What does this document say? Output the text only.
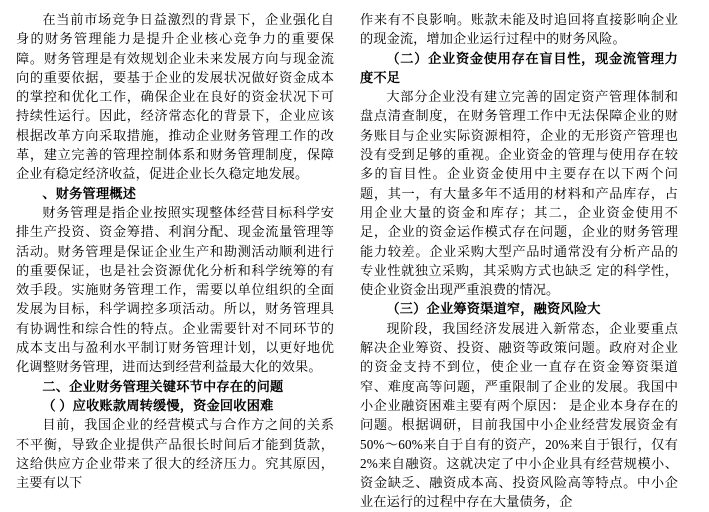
在当前市场竞争日益激烈的背景下，企业强化自身的财务管理能力是提升企业核心竞争力的重要保障。财务管理是有效规划企业未来发展方向与现金流向的重要依据，要基于企业的发展状况做好资金成本的掌控和优化工作，确保企业在良好的资金状况下可持续性运行。因此，经济常态化的背景下，企业应该根据改革方向采取措施，推动企业财务管理工作的改革，建立完善的管理控制体系和财务管理制度，保障企业有稳定经济收益，促进企业长久稳定地发展。

、财务管理概述

财务管理是指企业按照实现整体经营目标科学安排生产投资、资金筹措、利润分配、现金流量管理等活动。财务管理是保证企业生产和勘测活动顺利进行的重要保证，也是社会资源优化分析和科学统筹的有效手段。实施财务管理工作，需要以单位组织的全面发展为目标，科学调控多项活动。所以，财务管理具有协调性和综合性的特点。企业需要针对不同环节的成本支出与盈利水平制订财务管理计划，以更好地优化调整财务管理，进而达到经营利益最大化的效果。

二、企业财务管理关键环节中存在的问题

（ ）应收账款周转缓慢，资金回收困难

目前，我国企业的经营模式与合作方之间的关系不平衡，导致企业提供产品很长时间后才能到货款，这给供应方企业带来了很大的经济压力。究其原因，主要有以下

作来有不良影响。账款未能及时追回将直接影响企业的现金流，增加企业运行过程中的财务风险。

（二）企业资金使用存在盲目性，现金流管理力度不足

大部分企业没有建立完善的固定资产管理体制和盘点清查制度，在财务管理工作中无法保障企业的财务账目与企业实际资源相符，企业的无形资产管理也没有受到足够的重视。企业资金的管理与使用存在较多的盲目性。企业资金使用中主要存在以下两个问题，其一，有大量多年不适用的材料和产品库存，占用企业大量的资金和库存；其二，企业资金使用不足，企业的资金运作模式存在问题，企业的财务管理能力较差。企业采购大型产品时通常没有分析产品的专业性就独立采购，其采购方式也缺乏 定的科学性，使企业资金出现严重浪费的情况。

（三）企业筹资渠道窄，融资风险大

现阶段，我国经济发展进入新常态，企业要重点解决企业筹资、投资、融资等政策问题。政府对企业的资金支持不到位，使企业一直存在资金筹资渠道窄、难度高等问题，严重限制了企业的发展。我国中小企业融资困难主要有两个原因： 是企业本身存在的问题。根据调研，目前我国中小企业经营发展资金有 50%～60%来自于自有的资产，20%来自于银行，仅有 2%来自融资。这就决定了中小企业具有经营规模小、资金缺乏、融资成本高、投资风险高等特点。中小企业在运行的过程中存在大量债务，企
